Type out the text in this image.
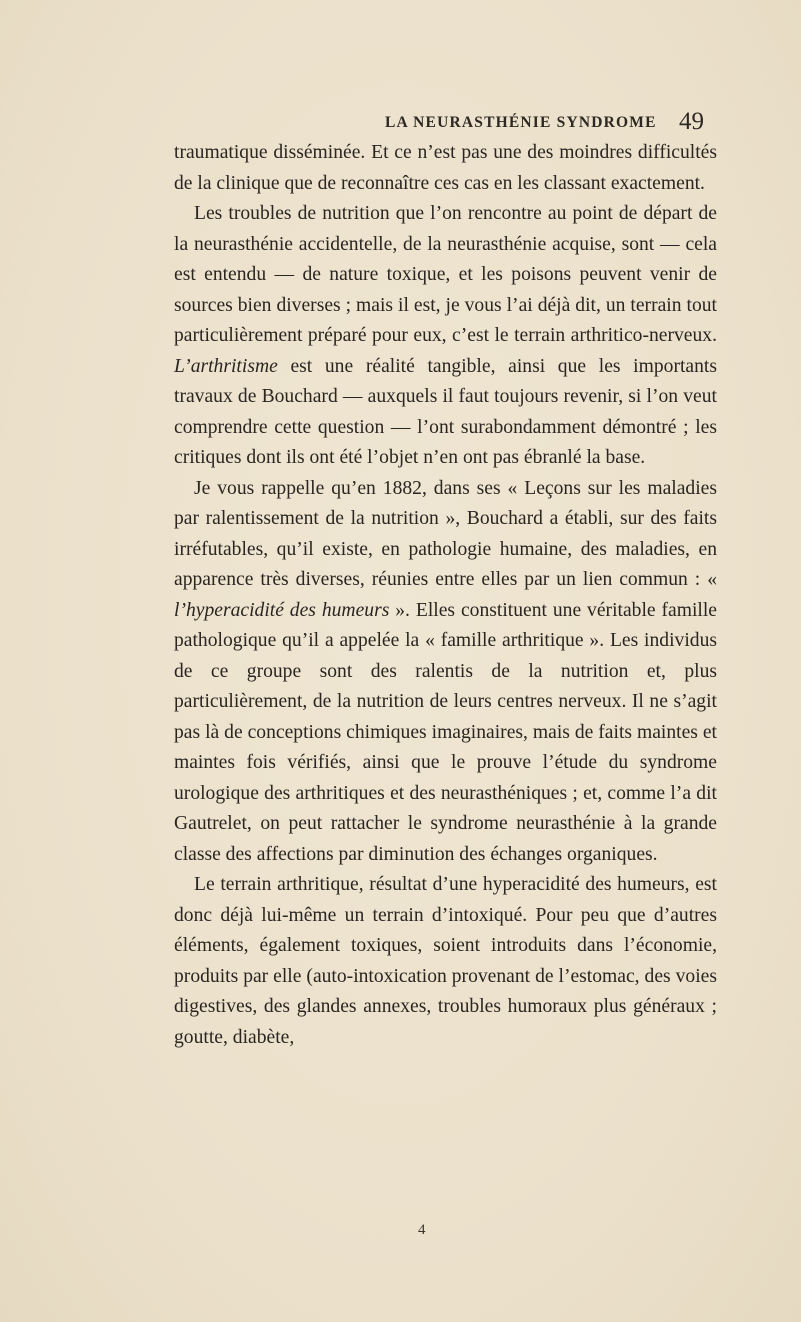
LA NEURASTHÉNIE SYNDROME 49

traumatique disséminée. Et ce n’est pas une des moindres difficultés de la clinique que de reconnaître ces cas en les classant exactement.

Les troubles de nutrition que l’on rencontre au point de départ de la neurasthénie accidentelle, de la neurasthénie acquise, sont — cela est entendu — de nature toxique, et les poisons peuvent venir de sources bien diverses ; mais il est, je vous l’ai déjà dit, un terrain tout particulièrement préparé pour eux, c’est le terrain arthritico-nerveux. L’arthritisme est une réalité tangible, ainsi que les importants travaux de Bouchard — auxquels il faut toujours revenir, si l’on veut comprendre cette question — l’ont surabondamment démontré ; les critiques dont ils ont été l’objet n’en ont pas ébranlé la base.

Je vous rappelle qu’en 1882, dans ses « Leçons sur les maladies par ralentissement de la nutrition », Bouchard a établi, sur des faits irréfutables, qu’il existe, en pathologie humaine, des maladies, en apparence très diverses, réunies entre elles par un lien commun : « l’hyperacidité des humeurs ». Elles constituent une véritable famille pathologique qu’il a appelée la « famille arthritique ». Les individus de ce groupe sont des ralentis de la nutrition et, plus particulièrement, de la nutrition de leurs centres nerveux. Il ne s’agit pas là de conceptions chimiques imaginaires, mais de faits maintes et maintes fois vérifiés, ainsi que le prouve l’étude du syndrome urologique des arthritiques et des neurasthéniques ; et, comme l’a dit Gautrelet, on peut rattacher le syndrome neurasthénie à la grande classe des affections par diminution des échanges organiques.

Le terrain arthritique, résultat d’une hyperacidité des humeurs, est donc déjà lui-même un terrain d’intoxiqué. Pour peu que d’autres éléments, également toxiques, soient introduits dans l’économie, produits par elle (auto-intoxication provenant de l’estomac, des voies digestives, des glandes annexes, troubles humoraux plus généraux ; goutte, diabète,

4
